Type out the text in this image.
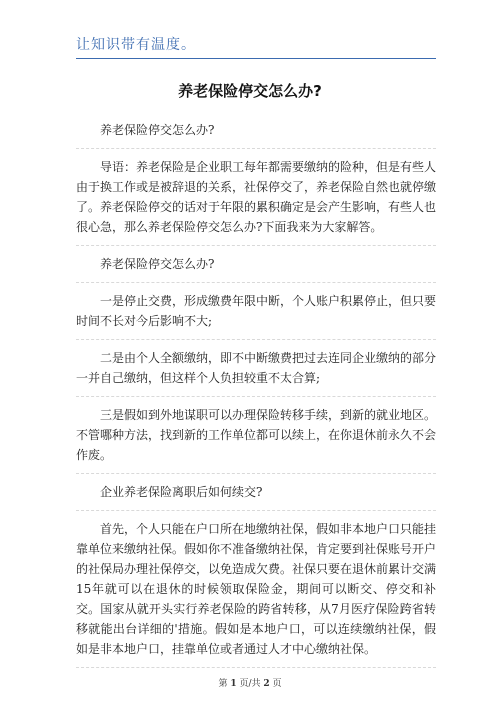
让知识带有温度。
养老保险停交怎么办?

养老保险停交怎么办?

导语：养老保险是企业职工每年都需要缴纳的险种，但是有些人由于换工作或是被辞退的关系，社保停交了，养老保险自然也就停缴了。养老保险停交的话对于年限的累积确定是会产生影响，有些人也很心急，那么养老保险停交怎么办?下面我来为大家解答。

养老保险停交怎么办?

一是停止交费，形成缴费年限中断，个人账户积累停止，但只要时间不长对今后影响不大;

二是由个人全额缴纳，即不中断缴费把过去连同企业缴纳的部分一并自己缴纳，但这样个人负担较重不太合算;

三是假如到外地谋职可以办理保险转移手续，到新的就业地区。不管哪种方法，找到新的工作单位都可以续上，在你退休前永久不会作废。

企业养老保险离职后如何续交?

首先，个人只能在户口所在地缴纳社保，假如非本地户口只能挂靠单位来缴纳社保。假如你不准备缴纳社保，肯定要到社保账号开户的社保局办理社保停交，以免造成欠费。社保只要在退休前累计交满15年就可以在退休的时候领取保险金，期间可以断交、停交和补交。国家从就开头实行养老保险的跨省转移，从7月医疗保险跨省转移就能出台详细的'措施。假如是本地户口，可以连续缴纳社保，假如是非本地户口，挂靠单位或者通过人才中心缴纳社保。

第 1 页/共 2 页
